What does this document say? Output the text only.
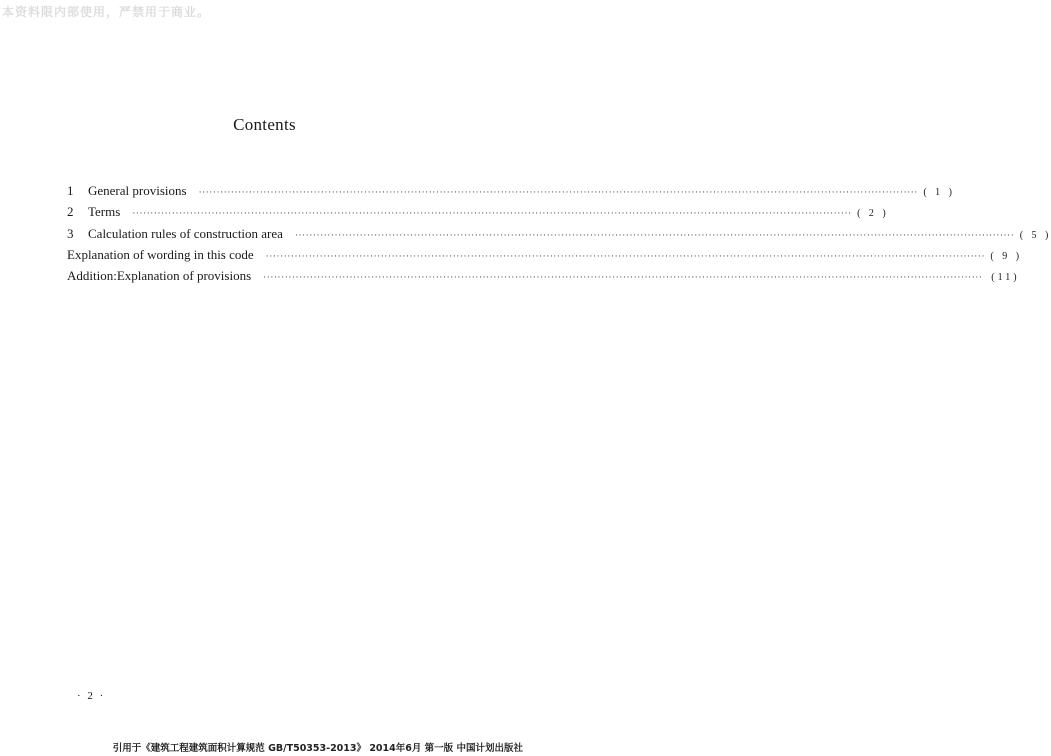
本资料限内部使用，严禁用于商业。
Contents
1	General provisions ········································································································································································································ ( 1 )
2	Terms ········································································································································································································ ( 2 )
3	Calculation rules of construction area ········································································································································································································ ( 5 )
Explanation of wording in this code ········································································································································································································ ( 9 )
Addition:Explanation of provisions ········································································································································································································ (11)
· 2 ·
引用于《建筑工程建筑面积计算规范 GB/T50353-2013》 2014年6月 第一版 中国计划出版社
